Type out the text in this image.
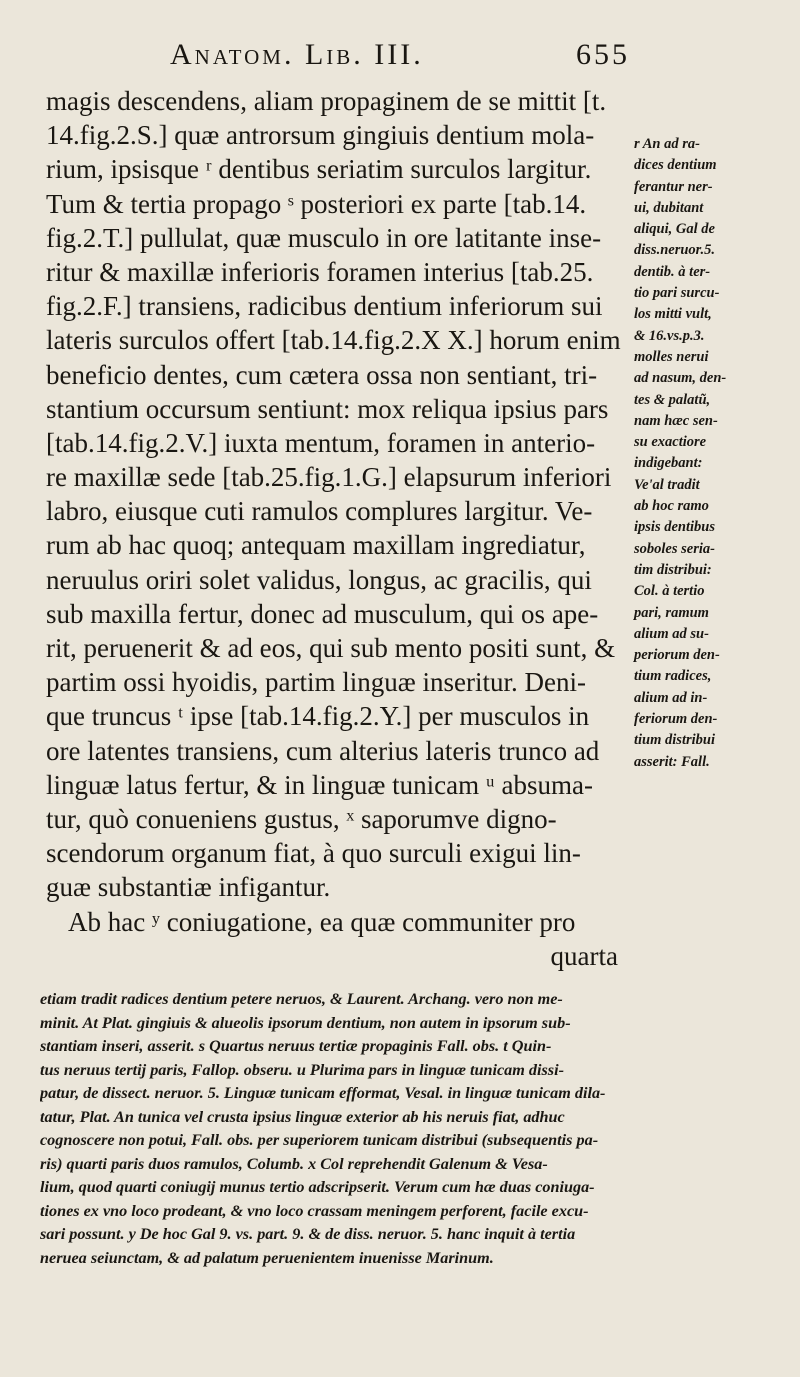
Anatom. Lib. III.	655
magis descendens, aliam propaginem de se mittit [t.
14.fig.2.S.] quæ antrorsum gingiuis dentium mola-
rium, ipsisque ʳ dentibus seriatim surculos largitur.
Tum & tertia propago ˢ posteriori ex parte [tab.14.
fig.2.T.] pullulat, quæ musculo in ore latitante inse-
ritur & maxillæ inferioris foramen interius [tab.25.
fig.2.F.] transiens, radicibus dentium inferiorum sui
lateris surculos offert [tab.14.fig.2.X X.] horum enim
beneficio dentes, cum cætera ossa non sentiant, tri-
stantium occursum sentiunt: mox reliqua ipsius pars
[tab.14.fig.2.V.] iuxta mentum, foramen in anterio-
re maxillæ sede [tab.25.fig.1.G.] elapsurum inferiori
labro, eiusque cuti ramulos complures largitur. Ve-
rum ab hac quoq; antequam maxillam ingrediatur,
neruulus oriri solet validus, longus, ac gracilis, qui
sub maxilla fertur, donec ad musculum, qui os ape-
rit, peruenerit & ad eos, qui sub mento positi sunt, &
partim ossi hyoidis, partim linguæ inseritur. Deni-
que truncus ᵗ ipse [tab.14.fig.2.Y.] per musculos in
ore latentes transiens, cum alterius lateris trunco ad
linguæ latus fertur, & in linguæ tunicam ᵘ absuma-
tur, quò conueniens gustus, ˣ saporumve digno-
scendorum organum fiat, à quo surculi exigui lin-
guæ substantiæ infigantur.
Ab hac ʸ coniugatione, ea quæ communiter pro
quarta
r An ad ra-
dices dentium
ferantur ner-
ui, dubitant
aliqui, Gal de
diss.neruor.5.
dentib. à ter-
tio pari surcu-
los mitti vult,
& 16.vs.p.3.
molles nerui
ad nasum, den-
tes & palatũ,
nam hæc sen-
su exactiore
indigebant:
Ve'al tradit
ab hoc ramo
ipsis dentibus
soboles seria-
tim distribui:
Col. à tertio
pari, ramum
alium ad su-
periorum den-
tium radices,
alium ad in-
feriorum den-
tium distribui
asserit: Fall.
etiam tradit radices dentium petere neruos, & Laurent. Archang. vero non me-
minit. At Plat. gingiuis & alueolis ipsorum dentium, non autem in ipsorum sub-
stantiam inseri, asserit. s Quartus neruus tertiæ propaginis Fall. obs. t Quin-
tus neruus tertij paris, Fallop. obseru. u Plurima pars in linguæ tunicam dissi-
patur, de dissect. neruor. 5. Linguæ tunicam efformat, Vesal. in linguæ tunicam dila-
tatur, Plat. An tunica vel crusta ipsius linguæ exterior ab his neruis fiat, adhuc
cognoscere non potui, Fall. obs. per superiorem tunicam distribui (subsequentis pa-
ris) quarti paris duos ramulos, Columb. x Col reprehendit Galenum & Vesa-
lium, quod quarti coniugij munus tertio adscripserit. Verum cum hæ duas coniuga-
tiones ex vno loco prodeant, & vno loco crassam meningem perforent, facile excu-
sari possunt. y De hoc Gal 9. vs. part. 9. & de diss. neruor. 5. hanc inquit à tertia
neruea seiunctam, & ad palatum peruenientem inuenisse Marinum.
